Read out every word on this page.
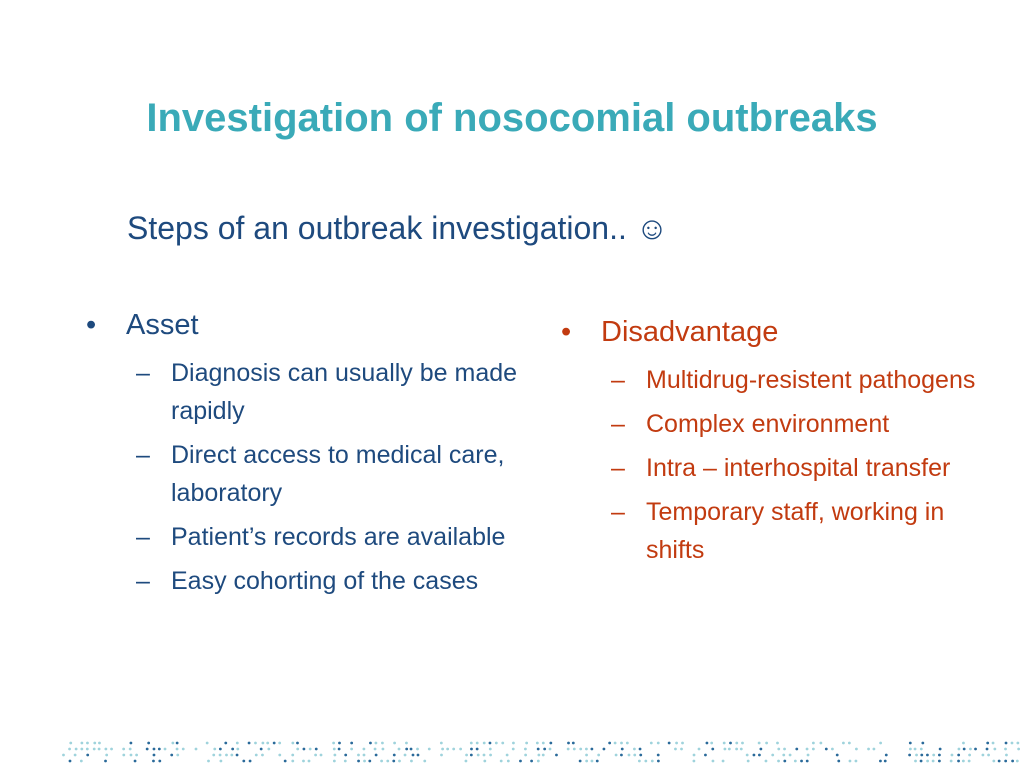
Investigation of nosocomial outbreaks

Steps of an outbreak investigation.. ☺

•	Asset
– Diagnosis can usually be made rapidly
– Direct access to medical care, laboratory
– Patient’s records are available
– Easy cohorting of the cases
•	Disadvantage
– Multidrug-resistent pathogens
– Complex environment
– Intra – interhospital transfer
– Temporary staff, working in shifts
